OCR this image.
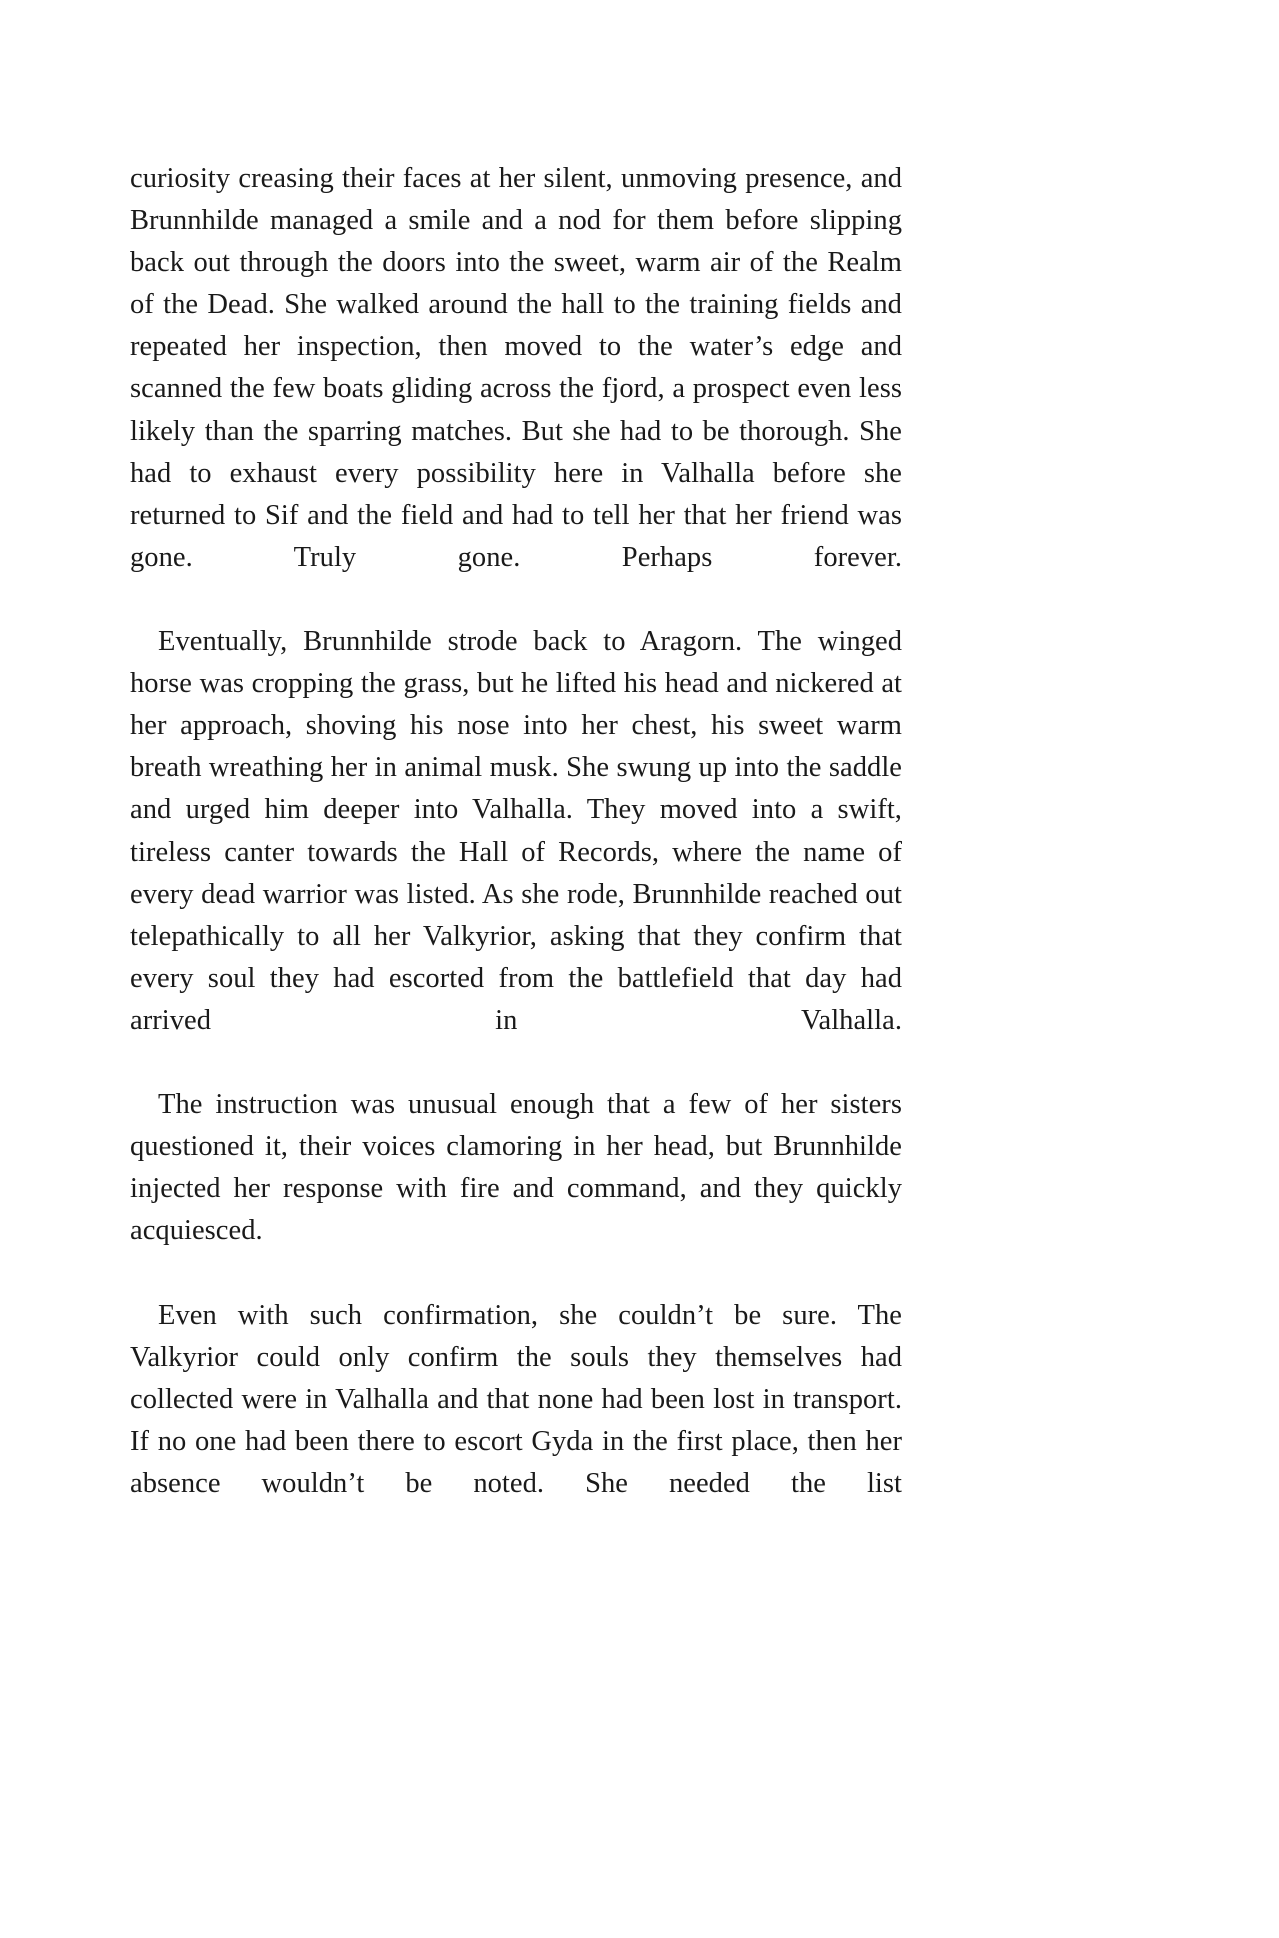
curiosity creasing their faces at her silent, unmoving presence, and Brunnhilde managed a smile and a nod for them before slipping back out through the doors into the sweet, warm air of the Realm of the Dead. She walked around the hall to the training fields and repeated her inspection, then moved to the water’s edge and scanned the few boats gliding across the fjord, a prospect even less likely than the sparring matches. But she had to be thorough. She had to exhaust every possibility here in Valhalla before she returned to Sif and the field and had to tell her that her friend was gone. Truly gone. Perhaps forever.

Eventually, Brunnhilde strode back to Aragorn. The winged horse was cropping the grass, but he lifted his head and nickered at her approach, shoving his nose into her chest, his sweet warm breath wreathing her in animal musk. She swung up into the saddle and urged him deeper into Valhalla. They moved into a swift, tireless canter towards the Hall of Records, where the name of every dead warrior was listed. As she rode, Brunnhilde reached out telepathically to all her Valkyrior, asking that they confirm that every soul they had escorted from the battlefield that day had arrived in Valhalla.

The instruction was unusual enough that a few of her sisters questioned it, their voices clamoring in her head, but Brunnhilde injected her response with fire and command, and they quickly acquiesced.

Even with such confirmation, she couldn’t be sure. The Valkyrior could only confirm the souls they themselves had collected were in Valhalla and that none had been lost in transport. If no one had been there to escort Gyda in the first place, then her absence wouldn’t be noted. She needed the list
